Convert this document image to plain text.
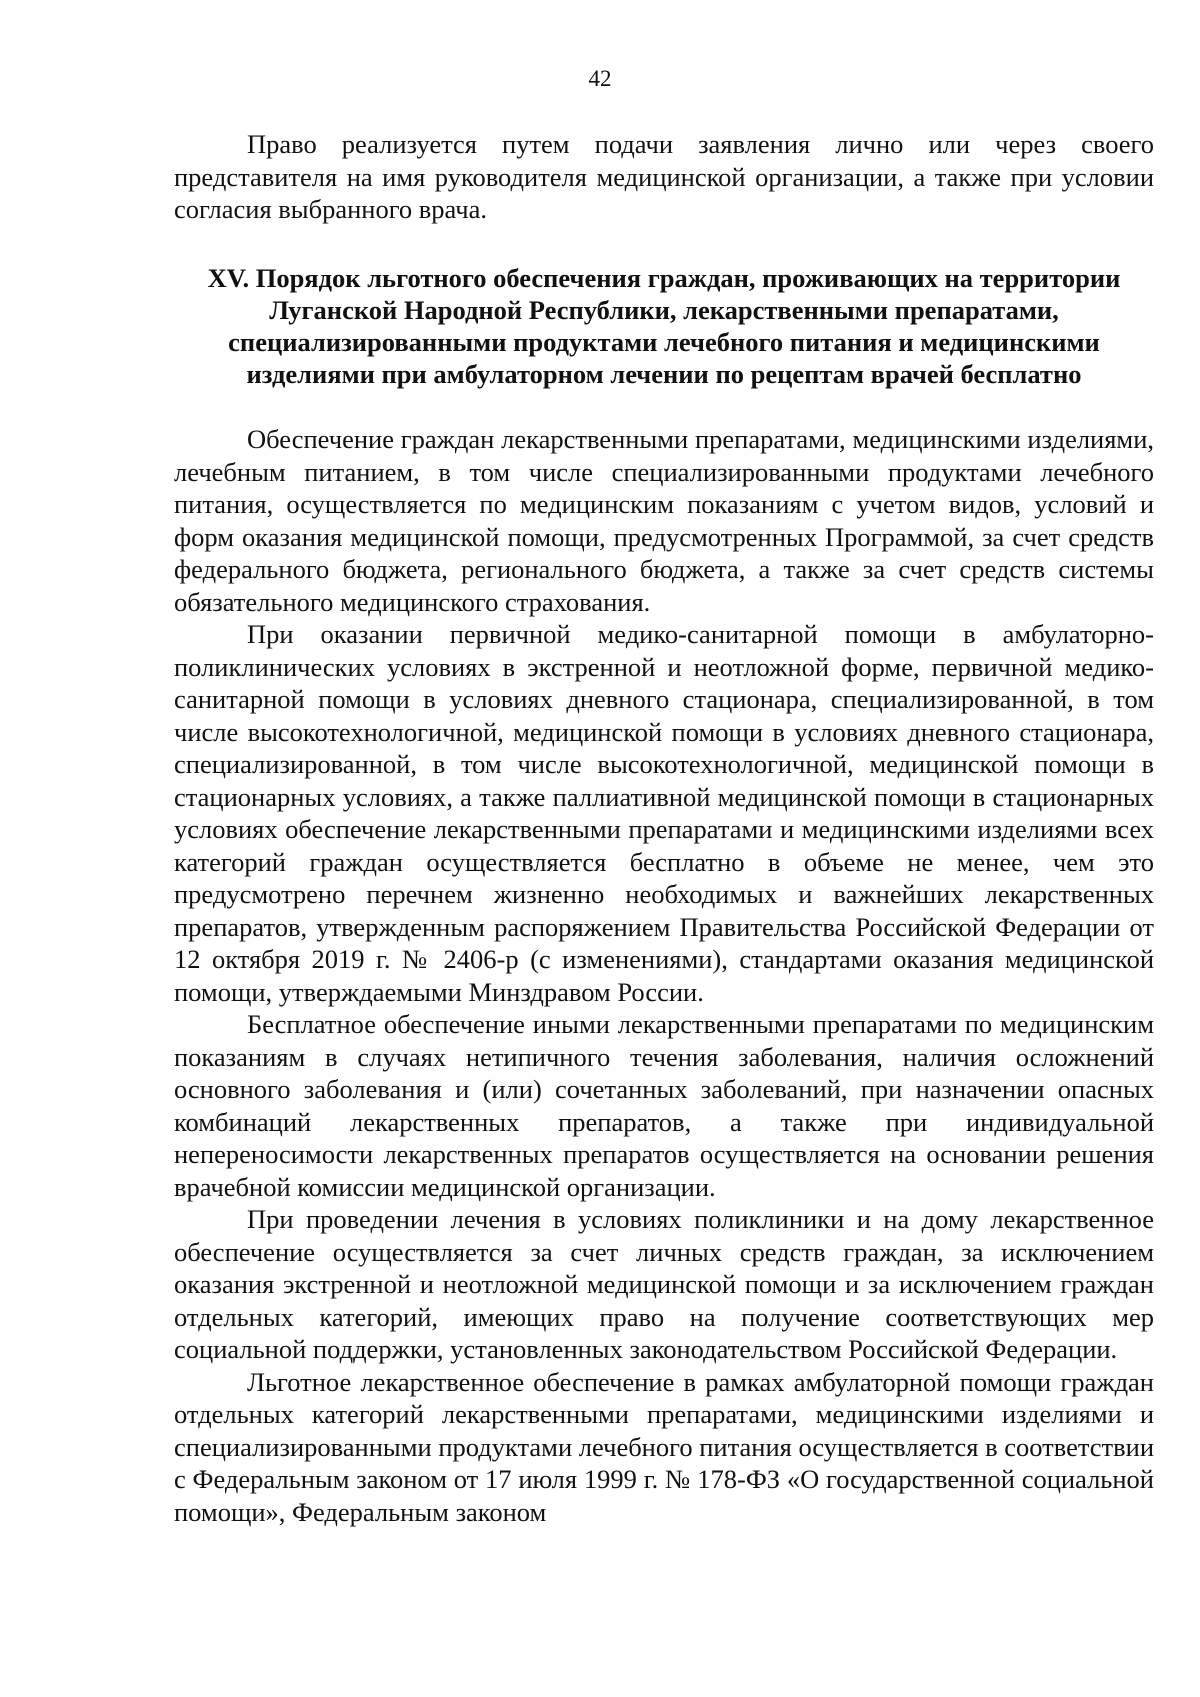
42

Право реализуется путем подачи заявления лично или через своего представителя на имя руководителя медицинской организации, а также при условии согласия выбранного врача.

XV. Порядок льготного обеспечения граждан, проживающих на территории Луганской Народной Республики, лекарственными препаратами, специализированными продуктами лечебного питания и медицинскими изделиями при амбулаторном лечении по рецептам врачей бесплатно

Обеспечение граждан лекарственными препаратами, медицинскими изделиями, лечебным питанием, в том числе специализированными продуктами лечебного питания, осуществляется по медицинским показаниям с учетом видов, условий и форм оказания медицинской помощи, предусмотренных Программой, за счет средств федерального бюджета, регионального бюджета, а также за счет средств системы обязательного медицинского страхования.

При оказании первичной медико-санитарной помощи в амбулаторно-поликлинических условиях в экстренной и неотложной форме, первичной медико-санитарной помощи в условиях дневного стационара, специализированной, в том числе высокотехнологичной, медицинской помощи в условиях дневного стационара, специализированной, в том числе высокотехнологичной, медицинской помощи в стационарных условиях, а также паллиативной медицинской помощи в стационарных условиях обеспечение лекарственными препаратами и медицинскими изделиями всех категорий граждан осуществляется бесплатно в объеме не менее, чем это предусмотрено перечнем жизненно необходимых и важнейших лекарственных препаратов, утвержденным распоряжением Правительства Российской Федерации от 12 октября 2019 г. № 2406-р (с изменениями), стандартами оказания медицинской помощи, утверждаемыми Минздравом России.

Бесплатное обеспечение иными лекарственными препаратами по медицинским показаниям в случаях нетипичного течения заболевания, наличия осложнений основного заболевания и (или) сочетанных заболеваний, при назначении опасных комбинаций лекарственных препаратов, а также при индивидуальной непереносимости лекарственных препаратов осуществляется на основании решения врачебной комиссии медицинской организации.

При проведении лечения в условиях поликлиники и на дому лекарственное обеспечение осуществляется за счет личных средств граждан, за исключением оказания экстренной и неотложной медицинской помощи и за исключением граждан отдельных категорий, имеющих право на получение соответствующих мер социальной поддержки, установленных законодательством Российской Федерации.

Льготное лекарственное обеспечение в рамках амбулаторной помощи граждан отдельных категорий лекарственными препаратами, медицинскими изделиями и специализированными продуктами лечебного питания осуществляется в соответствии с Федеральным законом от 17 июля 1999 г. № 178-ФЗ «О государственной социальной помощи», Федеральным законом
